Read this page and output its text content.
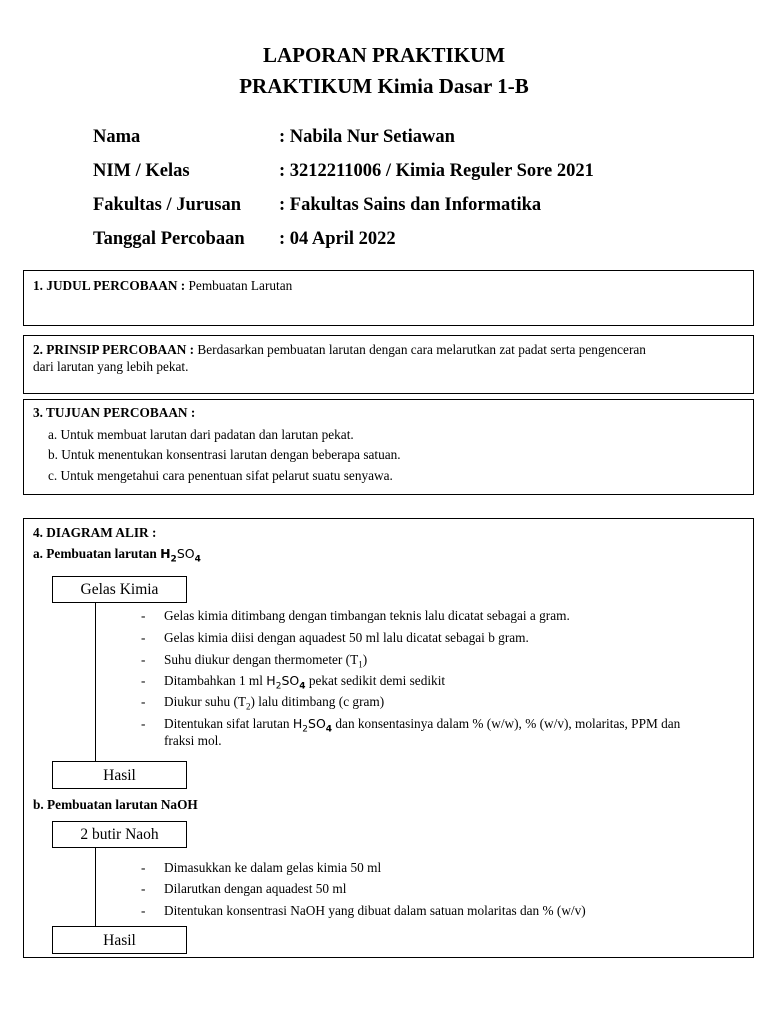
LAPORAN PRAKTIKUM
PRAKTIKUM Kimia Dasar 1-B
Nama	: Nabila Nur Setiawan
NIM / Kelas	: 3212211006 / Kimia Reguler Sore 2021
Fakultas / Jurusan : Fakultas Sains dan Informatika
Tanggal Percobaan : 04 April 2022
1. JUDUL PERCOBAAN : Pembuatan Larutan
2. PRINSIP PERCOBAAN : Berdasarkan pembuatan larutan dengan cara melarutkan zat padat serta pengenceran
dari larutan yang lebih pekat.
3. TUJUAN PERCOBAAN :
a. Untuk membuat larutan dari padatan dan larutan pekat.
b. Untuk menentukan konsentrasi larutan dengan beberapa satuan.
c. Untuk mengetahui cara penentuan sifat pelarut suatu senyawa.
4. DIAGRAM ALIR :
a. Pembuatan larutan $H_2SO_4$
Gelas Kimia
- Gelas kimia ditimbang dengan timbangan teknis lalu dicatat sebagai a gram.
- Gelas kimia diisi dengan aquadest 50 ml lalu dicatat sebagai b gram.
- Suhu diukur dengan thermometer $(T_1)$
- Ditambahkan 1 ml $H_2SO_4$ pekat sedikit demi sedikit
- Diukur suhu $(T_2)$ lalu ditimbang (c gram)
- Ditentukan sifat larutan $H_2SO_4$ dan konsentasinya dalam % (w/w), % (w/v), molaritas, PPM dan
fraksi mol.
Hasil
b. Pembuatan larutan NaOH
2 butir Naoh
- Dimasukkan ke dalam gelas kimia 50 ml
- Dilarutkan dengan aquadest 50 ml
- Ditentukan konsentrasi NaOH yang dibuat dalam satuan molaritas dan % (w/v)
Hasil
